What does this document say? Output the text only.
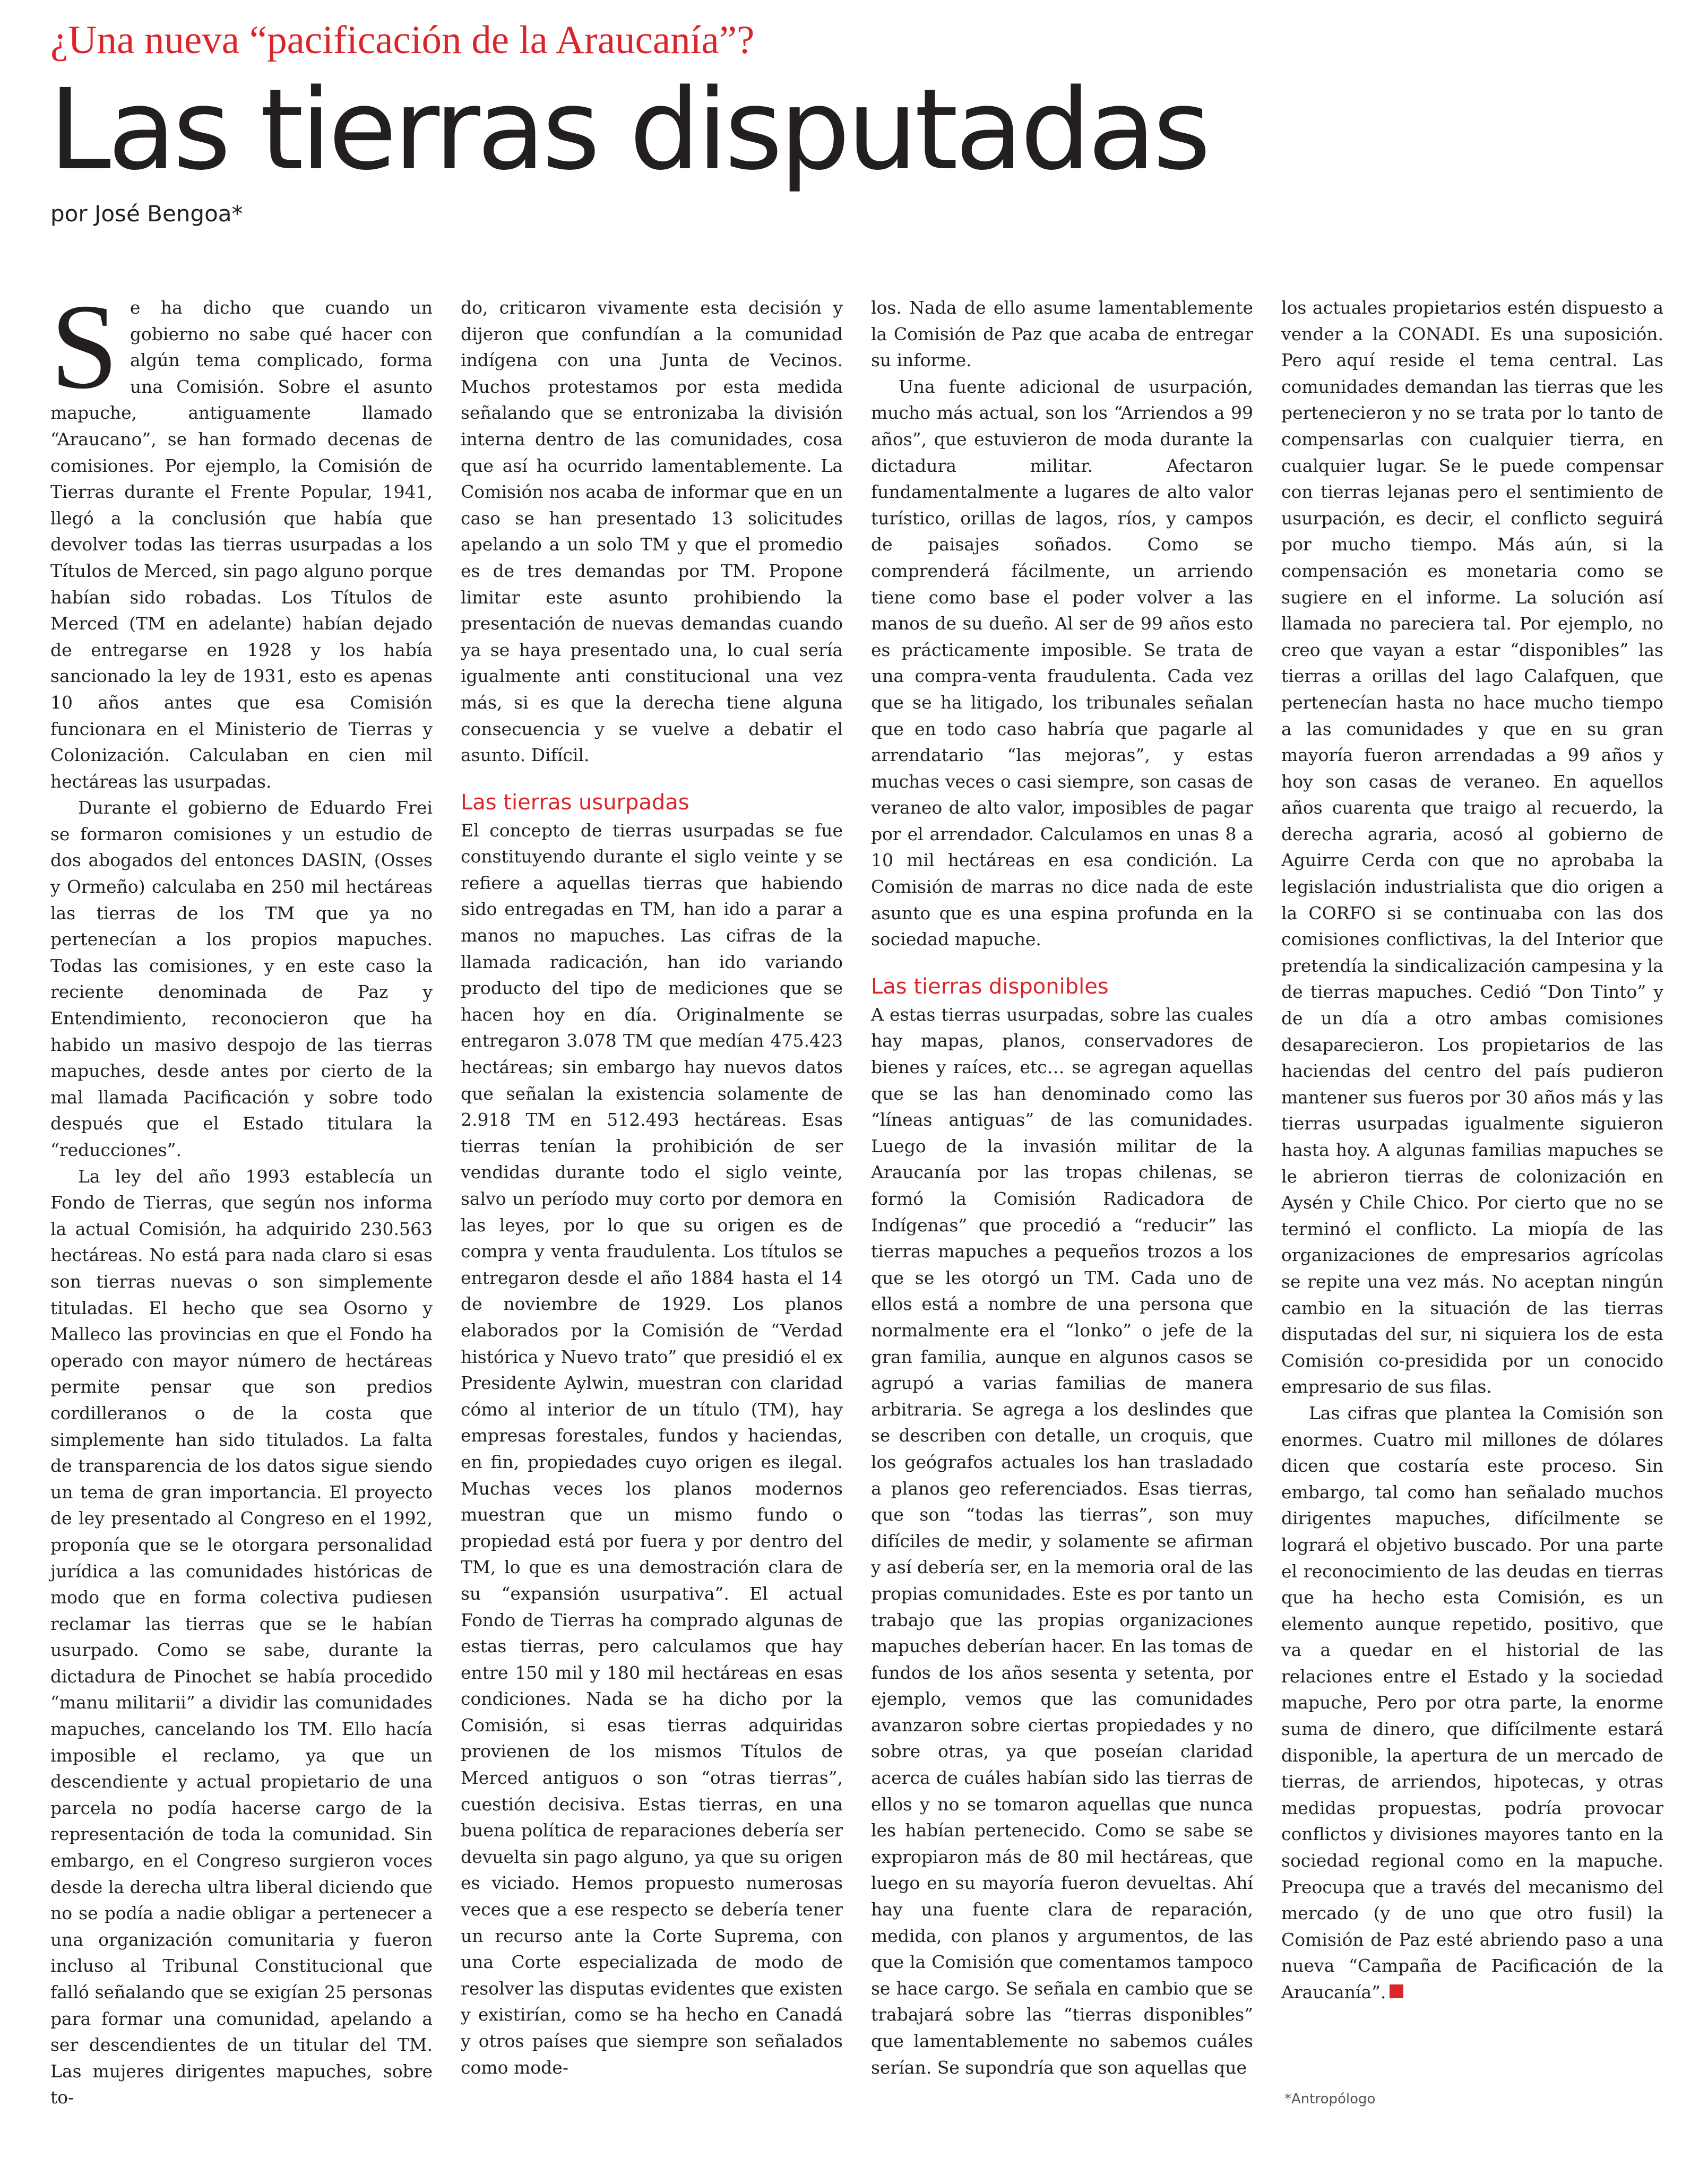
¿Una nueva “pacificación de la Araucanía”?
Las tierras disputadas
por José Bengoa*

Se ha dicho que cuando un gobierno no sabe qué hacer con algún tema complicado, forma una Comisión. Sobre el asunto mapuche, antiguamente llamado “Araucano”, se han formado decenas de comisiones. Por ejemplo, la Comisión de Tierras durante el Frente Popular, 1941, llegó a la conclusión que había que devolver todas las tierras usurpadas a los Títulos de Merced, sin pago alguno porque habían sido robadas. Los Títulos de Merced (TM en adelante) habían dejado de entregarse en 1928 y los había sancionado la ley de 1931, esto es apenas 10 años antes que esa Comisión funcionara en el Ministerio de Tierras y Colonización. Calculaban en cien mil hectáreas las usurpadas.

Durante el gobierno de Eduardo Frei se formaron comisiones y un estudio de dos abogados del entonces DASIN, (Osses y Ormeño) calculaba en 250 mil hectáreas las tierras de los TM que ya no pertenecían a los propios mapuches. Todas las comisiones, y en este caso la reciente denominada de Paz y Entendimiento, reconocieron que ha habido un masivo despojo de las tierras mapuches, desde antes por cierto de la mal llamada Pacificación y sobre todo después que el Estado titulara la “reducciones”.

La ley del año 1993 establecía un Fondo de Tierras, que según nos informa la actual Comisión, ha adquirido 230.563 hectáreas. No está para nada claro si esas son tierras nuevas o son simplemente tituladas. El hecho que sea Osorno y Malleco las provincias en que el Fondo ha operado con mayor número de hectáreas permite pensar que son predios cordilleranos o de la costa que simplemente han sido titulados. La falta de transparencia de los datos sigue siendo un tema de gran importancia. El proyecto de ley presentado al Congreso en el 1992, proponía que se le otorgara personalidad jurídica a las comunidades históricas de modo que en forma colectiva pudiesen reclamar las tierras que se le habían usurpado. Como se sabe, durante la dictadura de Pinochet se había procedido “manu militarii” a dividir las comunidades mapuches, cancelando los TM. Ello hacía imposible el reclamo, ya que un descendiente y actual propietario de una parcela no podía hacerse cargo de la representación de toda la comunidad. Sin embargo, en el Congreso surgieron voces desde la derecha ultra liberal diciendo que no se podía a nadie obligar a pertenecer a una organización comunitaria y fueron incluso al Tribunal Constitucional que falló señalando que se exigían 25 personas para formar una comunidad, apelando a ser descendientes de un titular del TM. Las mujeres dirigentes mapuches, sobre to-

do, criticaron vivamente esta decisión y dijeron que confundían a la comunidad indígena con una Junta de Vecinos. Muchos protestamos por esta medida señalando que se entronizaba la división interna dentro de las comunidades, cosa que así ha ocurrido lamentablemente. La Comisión nos acaba de informar que en un caso se han presentado 13 solicitudes apelando a un solo TM y que el promedio es de tres demandas por TM. Propone limitar este asunto prohibiendo la presentación de nuevas demandas cuando ya se haya presentado una, lo cual sería igualmente anti constitucional una vez más, si es que la derecha tiene alguna consecuencia y se vuelve a debatir el asunto. Difícil.

Las tierras usurpadas

El concepto de tierras usurpadas se fue constituyendo durante el siglo veinte y se refiere a aquellas tierras que habiendo sido entregadas en TM, han ido a parar a manos no mapuches. Las cifras de la llamada radicación, han ido variando producto del tipo de mediciones que se hacen hoy en día. Originalmente se entregaron 3.078 TM que medían 475.423 hectáreas; sin embargo hay nuevos datos que señalan la existencia solamente de 2.918 TM en 512.493 hectáreas. Esas tierras tenían la prohibición de ser vendidas durante todo el siglo veinte, salvo un período muy corto por demora en las leyes, por lo que su origen es de compra y venta fraudulenta. Los títulos se entregaron desde el año 1884 hasta el 14 de noviembre de 1929. Los planos elaborados por la Comisión de “Verdad histórica y Nuevo trato” que presidió el ex Presidente Aylwin, muestran con claridad cómo al interior de un título (TM), hay empresas forestales, fundos y haciendas, en fin, propiedades cuyo origen es ilegal. Muchas veces los planos modernos muestran que un mismo fundo o propiedad está por fuera y por dentro del TM, lo que es una demostración clara de su “expansión usurpativa”. El actual Fondo de Tierras ha comprado algunas de estas tierras, pero calculamos que hay entre 150 mil y 180 mil hectáreas en esas condiciones. Nada se ha dicho por la Comisión, si esas tierras adquiridas provienen de los mismos Títulos de Merced antiguos o son “otras tierras”, cuestión decisiva. Estas tierras, en una buena política de reparaciones debería ser devuelta sin pago alguno, ya que su origen es viciado. Hemos propuesto numerosas veces que a ese respecto se debería tener un recurso ante la Corte Suprema, con una Corte especializada de modo de resolver las disputas evidentes que existen y existirían, como se ha hecho en Canadá y otros países que siempre son señalados como mode-

los. Nada de ello asume lamentablemente la Comisión de Paz que acaba de entregar su informe.

Una fuente adicional de usurpación, mucho más actual, son los “Arriendos a 99 años”, que estuvieron de moda durante la dictadura militar. Afectaron fundamentalmente a lugares de alto valor turístico, orillas de lagos, ríos, y campos de paisajes soñados. Como se comprenderá fácilmente, un arriendo tiene como base el poder volver a las manos de su dueño. Al ser de 99 años esto es prácticamente imposible. Se trata de una compra-venta fraudulenta. Cada vez que se ha litigado, los tribunales señalan que en todo caso habría que pagarle al arrendatario “las mejoras”, y estas muchas veces o casi siempre, son casas de veraneo de alto valor, imposibles de pagar por el arrendador. Calculamos en unas 8 a 10 mil hectáreas en esa condición. La Comisión de marras no dice nada de este asunto que es una espina profunda en la sociedad mapuche.

Las tierras disponibles

A estas tierras usurpadas, sobre las cuales hay mapas, planos, conservadores de bienes y raíces, etc… se agregan aquellas que se las han denominado como las “líneas antiguas” de las comunidades. Luego de la invasión militar de la Araucanía por las tropas chilenas, se formó la Comisión Radicadora de Indígenas” que procedió a “reducir” las tierras mapuches a pequeños trozos a los que se les otorgó un TM. Cada uno de ellos está a nombre de una persona que normalmente era el “lonko” o jefe de la gran familia, aunque en algunos casos se agrupó a varias familias de manera arbitraria. Se agrega a los deslindes que se describen con detalle, un croquis, que los geógrafos actuales los han trasladado a planos geo referenciados. Esas tierras, que son “todas las tierras”, son muy difíciles de medir, y solamente se afirman y así debería ser, en la memoria oral de las propias comunidades. Este es por tanto un trabajo que las propias organizaciones mapuches deberían hacer. En las tomas de fundos de los años sesenta y setenta, por ejemplo, vemos que las comunidades avanzaron sobre ciertas propiedades y no sobre otras, ya que poseían claridad acerca de cuáles habían sido las tierras de ellos y no se tomaron aquellas que nunca les habían pertenecido. Como se sabe se expropiaron más de 80 mil hectáreas, que luego en su mayoría fueron devueltas. Ahí hay una fuente clara de reparación, medida, con planos y argumentos, de las que la Comisión que comentamos tampoco se hace cargo. Se señala en cambio que se trabajará sobre las “tierras disponibles” que lamentablemente no sabemos cuáles serían. Se supondría que son aquellas que

los actuales propietarios estén dispuesto a vender a la CONADI. Es una suposición. Pero aquí reside el tema central. Las comunidades demandan las tierras que les pertenecieron y no se trata por lo tanto de compensarlas con cualquier tierra, en cualquier lugar. Se le puede compensar con tierras lejanas pero el sentimiento de usurpación, es decir, el conflicto seguirá por mucho tiempo. Más aún, si la compensación es monetaria como se sugiere en el informe. La solución así llamada no pareciera tal. Por ejemplo, no creo que vayan a estar “disponibles” las tierras a orillas del lago Calafquen, que pertenecían hasta no hace mucho tiempo a las comunidades y que en su gran mayoría fueron arrendadas a 99 años y hoy son casas de veraneo. En aquellos años cuarenta que traigo al recuerdo, la derecha agraria, acosó al gobierno de Aguirre Cerda con que no aprobaba la legislación industrialista que dio origen a la CORFO si se continuaba con las dos comisiones conflictivas, la del Interior que pretendía la sindicalización campesina y la de tierras mapuches. Cedió “Don Tinto” y de un día a otro ambas comisiones desaparecieron. Los propietarios de las haciendas del centro del país pudieron mantener sus fueros por 30 años más y las tierras usurpadas igualmente siguieron hasta hoy. A algunas familias mapuches se le abrieron tierras de colonización en Aysén y Chile Chico. Por cierto que no se terminó el conflicto. La miopía de las organizaciones de empresarios agrícolas se repite una vez más. No aceptan ningún cambio en la situación de las tierras disputadas del sur, ni siquiera los de esta Comisión co-presidida por un conocido empresario de sus filas.

Las cifras que plantea la Comisión son enormes. Cuatro mil millones de dólares dicen que costaría este proceso. Sin embargo, tal como han señalado muchos dirigentes mapuches, difícilmente se logrará el objetivo buscado. Por una parte el reconocimiento de las deudas en tierras que ha hecho esta Comisión, es un elemento aunque repetido, positivo, que va a quedar en el historial de las relaciones entre el Estado y la sociedad mapuche, Pero por otra parte, la enorme suma de dinero, que difícilmente estará disponible, la apertura de un mercado de tierras, de arriendos, hipotecas, y otras medidas propuestas, podría provocar conflictos y divisiones mayores tanto en la sociedad regional como en la mapuche. Preocupa que a través del mecanismo del mercado (y de uno que otro fusil) la Comisión de Paz esté abriendo paso a una nueva “Campaña de Pacificación de la Araucanía”.

*Antropólogo
